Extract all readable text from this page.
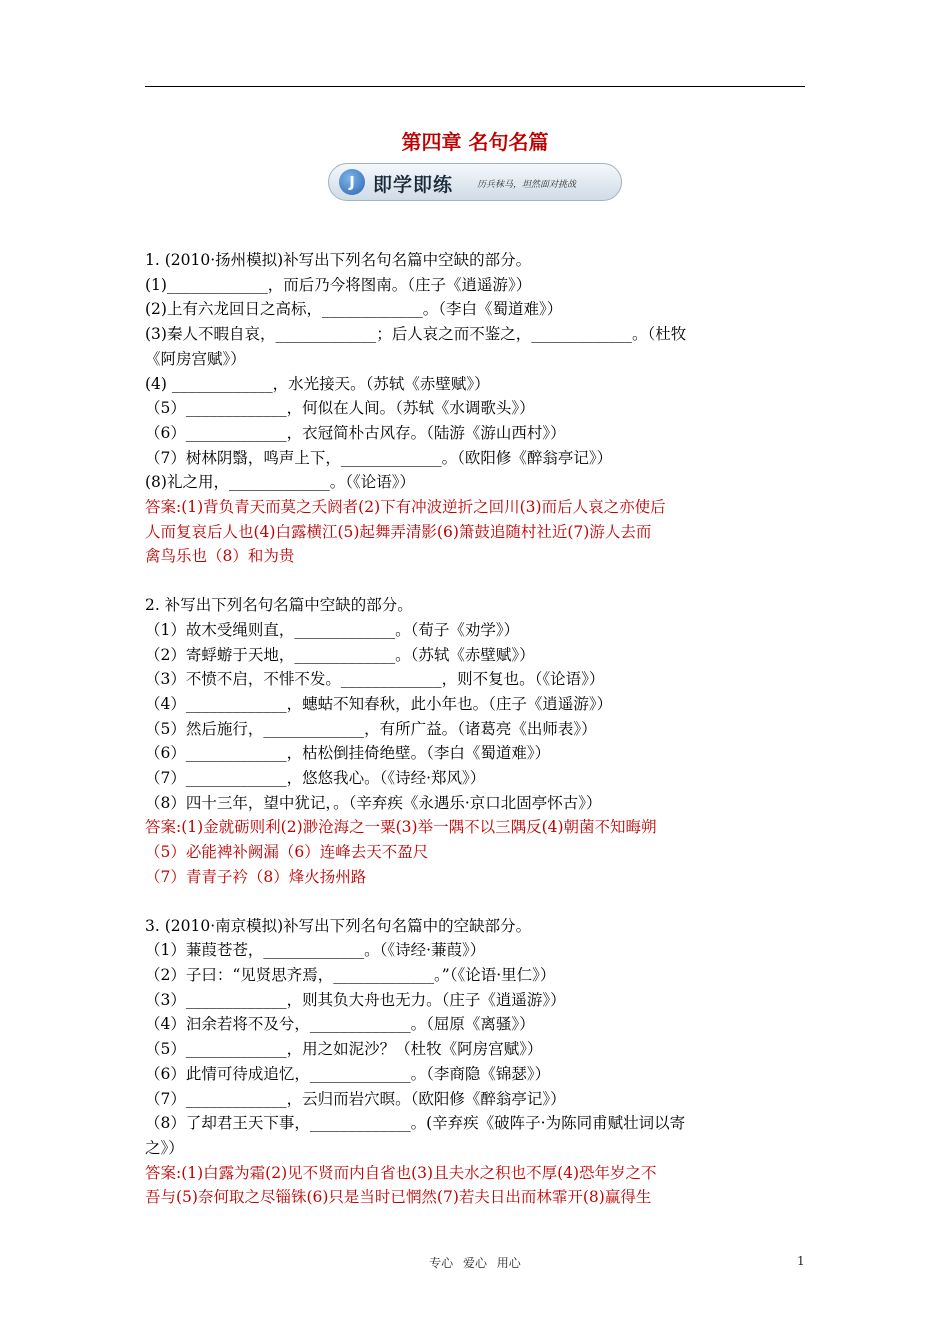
第四章 名句名篇
J 即学即练	历兵秣马，坦然面对挑战
1. (2010·扬州模拟)补写出下列名句名篇中空缺的部分。
(1)_____________，而后乃今将图南。（庄子《逍遥游》）
(2)上有六龙回日之高标，_____________。（李白《蜀道难》）
(3)秦人不暇自哀，_____________；后人哀之而不鉴之，_____________。（杜牧
《阿房宫赋》）
(4) _____________，水光接天。（苏轼《赤壁赋》）
（5）_____________，何似在人间。（苏轼《水调歌头》）
（6）_____________，衣冠简朴古风存。（陆游《游山西村》）
（7）树林阴翳，鸣声上下，_____________。（欧阳修《醉翁亭记》）
(8)礼之用，_____________。（《论语》）
答案:(1)背负青天而莫之夭阏者(2)下有冲波逆折之回川(3)而后人哀之亦使后
人而复哀后人也(4)白露横江(5)起舞弄清影(6)箫鼓追随村社近(7)游人去而
禽鸟乐也（8）和为贵
2. 补写出下列名句名篇中空缺的部分。
（1）故木受绳则直，_____________。（荀子《劝学》）
（2）寄蜉蝣于天地，_____________。（苏轼《赤壁赋》）
（3）不愤不启，不悱不发。_____________，则不复也。（《论语》）
（4）_____________，蟪蛄不知春秋，此小年也。（庄子《逍遥游》）
（5）然后施行，_____________，有所广益。（诸葛亮《出师表》）
（6）_____________，枯松倒挂倚绝壁。（李白《蜀道难》）
（7）_____________，悠悠我心。（《诗经·郑风》）
（8）四十三年，望中犹记，。（辛弃疾《永遇乐·京口北固亭怀古》）
答案:(1)金就砺则利(2)渺沧海之一粟(3)举一隅不以三隅反(4)朝菌不知晦朔
（5）必能裨补阙漏（6）连峰去天不盈尺
（7）青青子衿（8）烽火扬州路
3. (2010·南京模拟)补写出下列名句名篇中的空缺部分。
（1）蒹葭苍苍，_____________。（《诗经·蒹葭》）
（2）子曰：“见贤思齐焉，_____________。”（《论语·里仁》）
（3）_____________，则其负大舟也无力。（庄子《逍遥游》）
（4）汩余若将不及兮，_____________。（屈原《离骚》）
（5）_____________，用之如泥沙？（杜牧《阿房宫赋》）
（6）此情可待成追忆，_____________。（李商隐《锦瑟》）
（7）_____________，云归而岩穴暝。（欧阳修《醉翁亭记》）
（8）了却君王天下事，_____________。(辛弃疾《破阵子·为陈同甫赋壮词以寄
之》）
答案:(1)白露为霜(2)见不贤而内自省也(3)且夫水之积也不厚(4)恐年岁之不
吾与(5)奈何取之尽锱铢(6)只是当时已惘然(7)若夫日出而林霏开(8)赢得生
专心 爱心 用心	1
